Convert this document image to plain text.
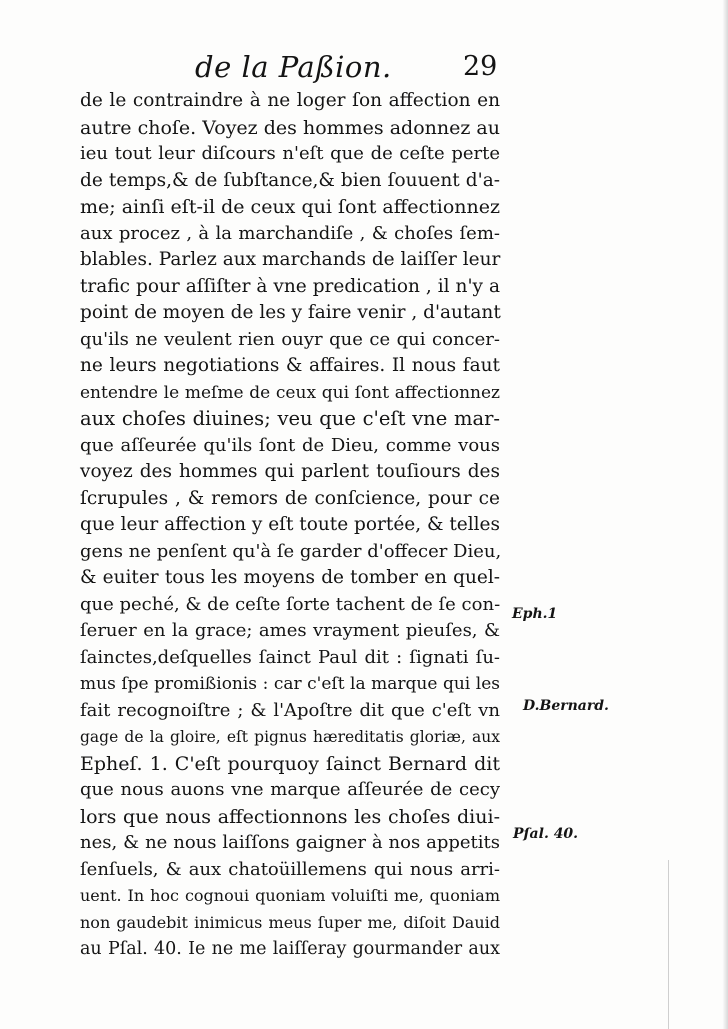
de la Paßion.	29
de le contraindre à ne loger ſon affection en
autre choſe. Voyez des hommes adonnez au
ieu tout leur diſcours n'eſt que de ceſte perte
de temps,& de ſubſtance,& bien ſouuent d'a-
me; ainſi eſt-il de ceux qui ſont affectionnez
aux procez , à la marchandiſe , & choſes ſem-
blables. Parlez aux marchands de laiſſer leur
trafic pour aſſiſter à vne predication , il n'y a
point de moyen de les y faire venir , d'autant
qu'ils ne veulent rien ouyr que ce qui concer-
ne leurs negotiations & affaires. Il nous faut
entendre le meſme de ceux qui ſont affectionnez
aux choſes diuines; veu que c'eſt vne mar-
que aſſeurée qu'ils ſont de Dieu, comme vous
voyez des hommes qui parlent touſiours des
ſcrupules , & remors de conſcience, pour ce
que leur affection y eſt toute portée, & telles
gens ne penſent qu'à ſe garder d'offecer Dieu,
& euiter tous les moyens de tomber en quel-
que peché, & de ceſte ſorte tachent de ſe con-
ſeruer en la grace; ames vrayment pieuſes, &
ſainctes,deſquelles ſainct Paul dit : ſignati ſu-
mus ſpe promißionis : car c'eſt la marque qui les
fait recognoiſtre ; & l'Apoſtre dit que c'eſt vn
gage de la gloire, eſt pignus hæreditatis gloriæ, aux
Epheſ. 1. C'eſt pourquoy ſainct Bernard dit
que nous auons vne marque aſſeurée de cecy
lors que nous affectionnons les choſes diui-
nes, & ne nous laiſſons gaigner à nos appetits
ſenſuels, & aux chatoüillemens qui nous arri-
uent. In hoc cognoui quoniam voluiſti me, quoniam
non gaudebit inimicus meus ſuper me, diſoit Dauid
au Pſal. 40. Ie ne me laiſſeray gourmander aux
Eph.1
D.Bernard.
Pſal. 40.
